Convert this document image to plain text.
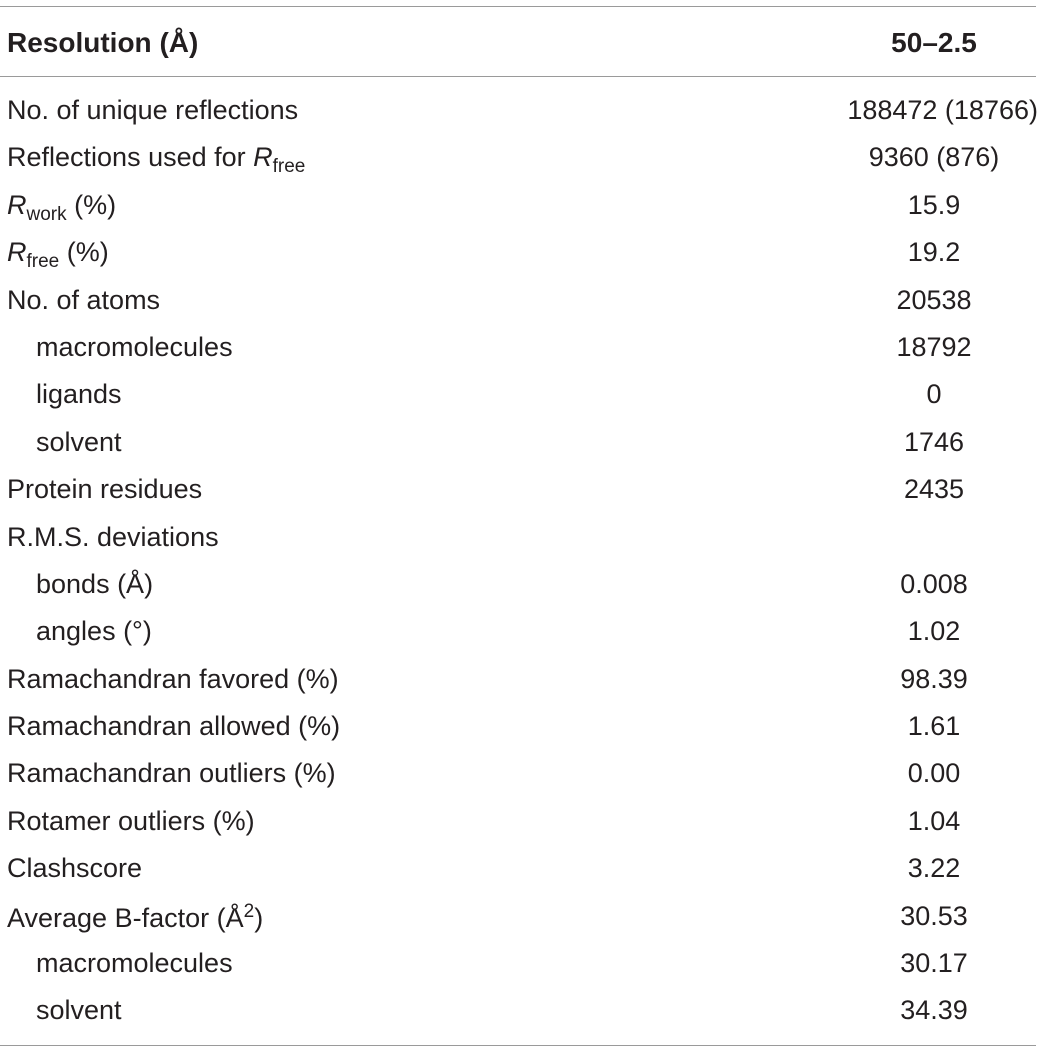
Resolution (Å)	50–2.5
No. of unique reflections	188472 (18766)
Reflections used for $R_{free}$	9360 (876)
$R_{work}$ (%)	15.9
$R_{free}$ (%)	19.2
No. of atoms	20538
macromolecules	18792
ligands	0
solvent	1746
Protein residues	2435
R.M.S. deviations
bonds (Å)	0.008
angles (°)	1.02
Ramachandran favored (%)	98.39
Ramachandran allowed (%)	1.61
Ramachandran outliers (%)	0.00
Rotamer outliers (%)	1.04
Clashscore	3.22
Average B-factor $(Å^2)$	30.53
macromolecules	30.17
solvent	34.39
